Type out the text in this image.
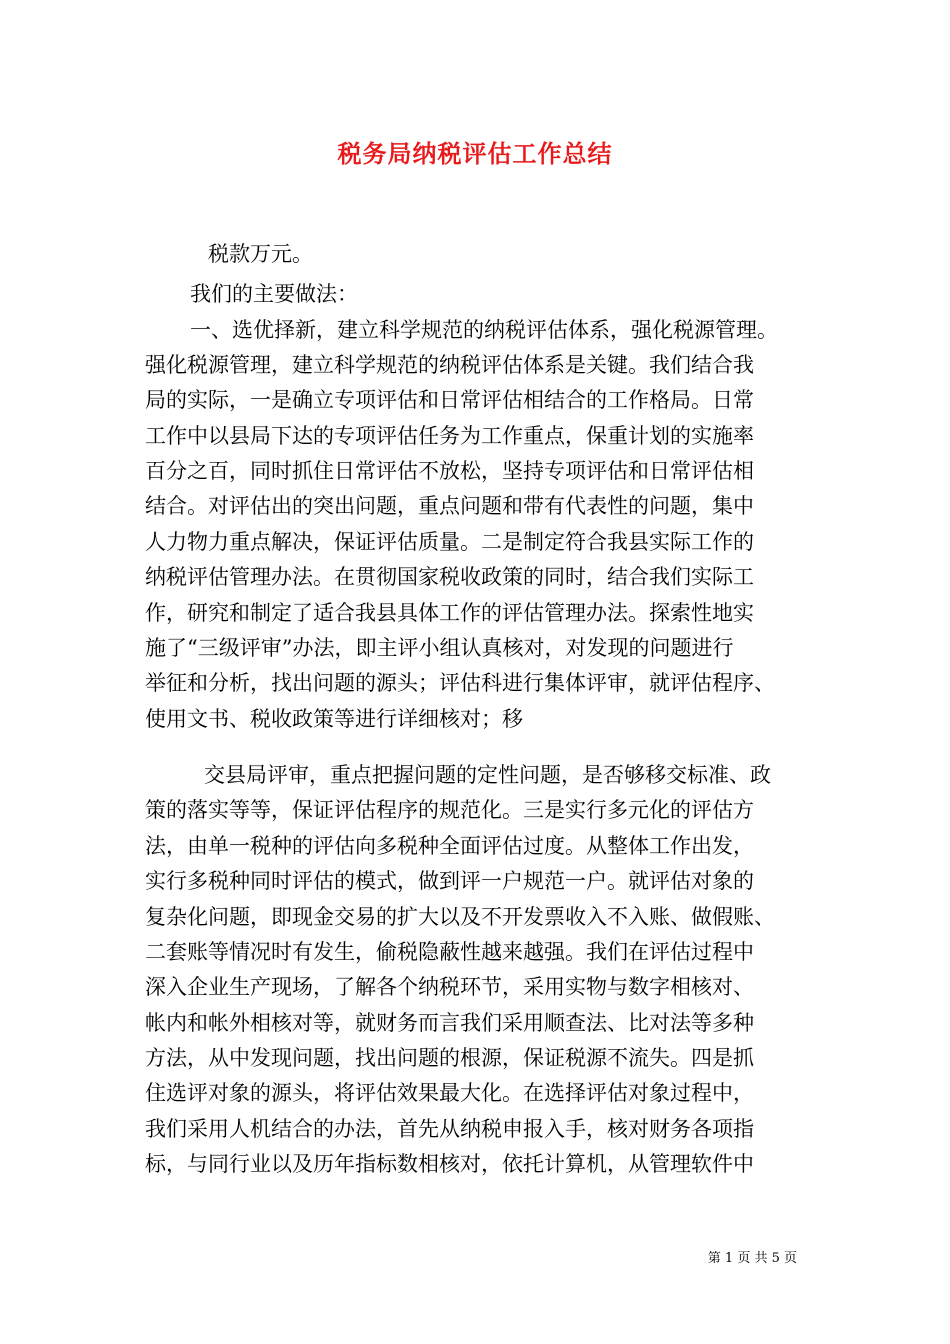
税务局纳税评估工作总结
税款万元。
我们的主要做法：
一、选优择新，建立科学规范的纳税评估体系，强化税源管理。
强化税源管理，建立科学规范的纳税评估体系是关键。我们结合我
局的实际，一是确立专项评估和日常评估相结合的工作格局。日常
工作中以县局下达的专项评估任务为工作重点，保重计划的实施率
百分之百，同时抓住日常评估不放松，坚持专项评估和日常评估相
结合。对评估出的突出问题，重点问题和带有代表性的问题，集中
人力物力重点解决，保证评估质量。二是制定符合我县实际工作的
纳税评估管理办法。在贯彻国家税收政策的同时，结合我们实际工
作，研究和制定了适合我县具体工作的评估管理办法。探索性地实
施了“三级评审”办法，即主评小组认真核对，对发现的问题进行
举征和分析，找出问题的源头；评估科进行集体评审，就评估程序、
使用文书、税收政策等进行详细核对；移
交县局评审，重点把握问题的定性问题，是否够移交标准、政
策的落实等等，保证评估程序的规范化。三是实行多元化的评估方
法，由单一税种的评估向多税种全面评估过度。从整体工作出发，
实行多税种同时评估的模式，做到评一户规范一户。就评估对象的
复杂化问题，即现金交易的扩大以及不开发票收入不入账、做假账、
二套账等情况时有发生，偷税隐蔽性越来越强。我们在评估过程中
深入企业生产现场，了解各个纳税环节，采用实物与数字相核对、
帐内和帐外相核对等，就财务而言我们采用顺查法、比对法等多种
方法，从中发现问题，找出问题的根源，保证税源不流失。四是抓
住选评对象的源头，将评估效果最大化。在选择评估对象过程中，
我们采用人机结合的办法，首先从纳税申报入手，核对财务各项指
标，与同行业以及历年指标数相核对，依托计算机，从管理软件中
第 1 页 共 5 页
